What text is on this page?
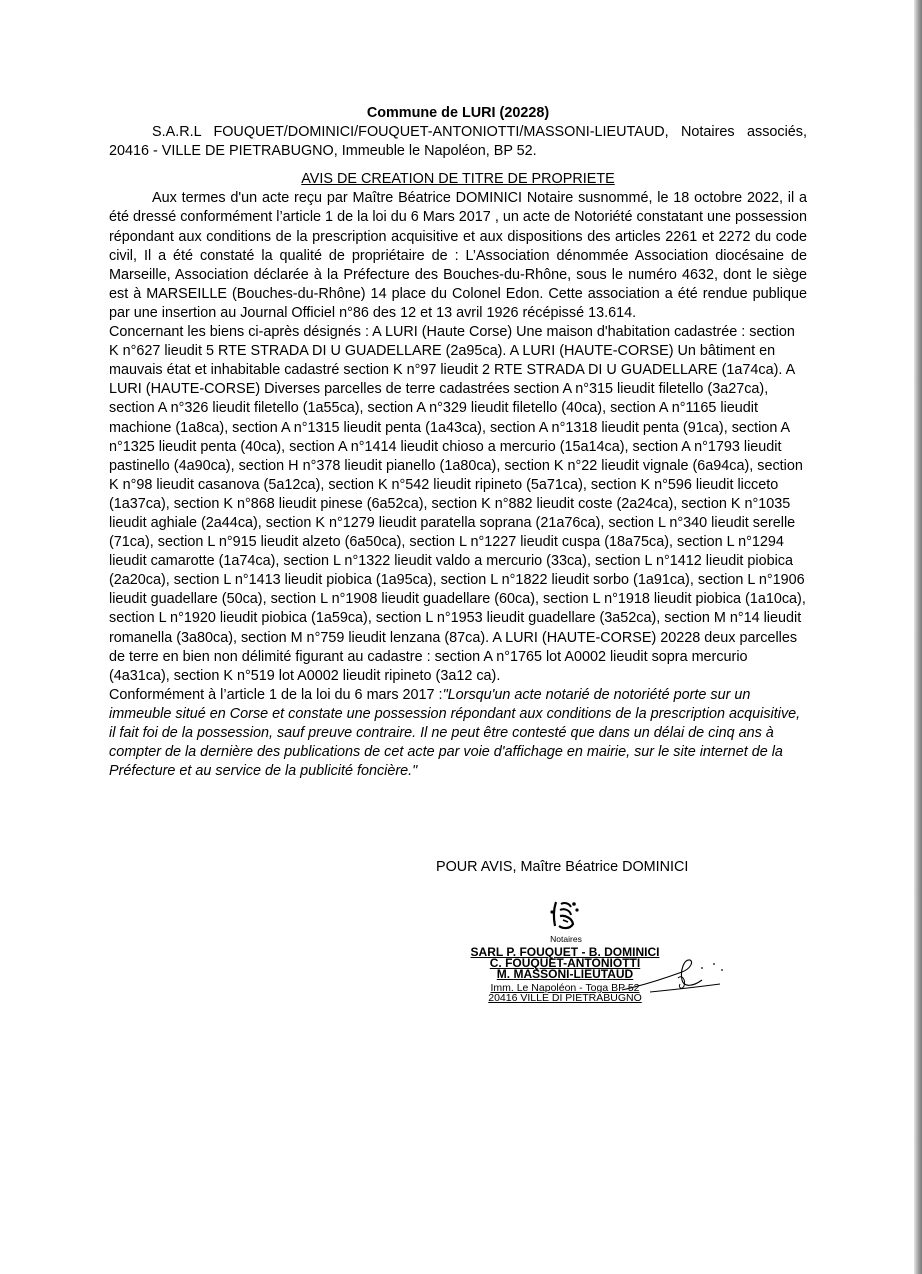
Commune de LURI (20228)
S.A.R.L FOUQUET/DOMINICI/FOUQUET-ANTONIOTTI/MASSONI-LIEUTAUD, Notaires associés, 20416 - VILLE DE PIETRABUGNO, Immeuble le Napoléon, BP 52.
AVIS DE CREATION DE TITRE DE PROPRIETE
Aux termes d'un acte reçu par Maître Béatrice DOMINICI Notaire susnommé, le 18 octobre 2022, il a été dressé conformément l’article 1 de la loi du 6 Mars 2017 , un acte de Notoriété constatant une possession répondant aux conditions de la prescription acquisitive et aux dispositions des articles 2261 et 2272 du code civil, Il a été constaté la qualité de propriétaire de : L’Association dénommée Association diocésaine de Marseille, Association déclarée à la Préfecture des Bouches-du-Rhône, sous le numéro 4632, dont le siège est à MARSEILLE (Bouches-du-Rhône) 14 place du Colonel Edon. Cette association a été rendue publique par une insertion au Journal Officiel n°86 des 12 et 13 avril 1926 récépissé 13.614.
Concernant les biens ci-après désignés : A LURI (Haute Corse) Une maison d'habitation cadastrée : section K n°627 lieudit 5 RTE STRADA DI U GUADELLARE (2a95ca). A LURI (HAUTE-CORSE) Un bâtiment en mauvais état et inhabitable cadastré section K n°97 lieudit 2 RTE STRADA DI U GUADELLARE (1a74ca). A LURI (HAUTE-CORSE) Diverses parcelles de terre cadastrées section A n°315 lieudit filetello (3a27ca), section A n°326 lieudit filetello (1a55ca), section A n°329 lieudit filetello (40ca), section A n°1165 lieudit machione (1a8ca), section A n°1315 lieudit penta (1a43ca), section A n°1318 lieudit penta (91ca), section A n°1325 lieudit penta (40ca), section A n°1414 lieudit chioso a mercurio (15a14ca), section A n°1793 lieudit pastinello (4a90ca), section H n°378 lieudit pianello (1a80ca), section K n°22 lieudit vignale (6a94ca), section K n°98 lieudit casanova (5a12ca), section K n°542 lieudit ripineto (5a71ca), section K n°596 lieudit licceto (1a37ca), section K n°868 lieudit pinese (6a52ca), section K n°882 lieudit coste (2a24ca), section K n°1035 lieudit aghiale (2a44ca), section K n°1279 lieudit paratella soprana (21a76ca), section L n°340 lieudit serelle (71ca), section L n°915 lieudit alzeto (6a50ca), section L n°1227 lieudit cuspa (18a75ca), section L n°1294 lieudit camarotte (1a74ca), section L n°1322 lieudit valdo a mercurio (33ca), section L n°1412 lieudit piobica (2a20ca), section L n°1413 lieudit piobica (1a95ca), section L n°1822 lieudit sorbo (1a91ca), section L n°1906 lieudit guadellare (50ca), section L n°1908 lieudit guadellare (60ca), section L n°1918 lieudit piobica (1a10ca), section L n°1920 lieudit piobica (1a59ca), section L n°1953 lieudit guadellare (3a52ca), section M n°14 lieudit romanella (3a80ca), section M n°759 lieudit lenzana (87ca). A LURI (HAUTE-CORSE) 20228 deux parcelles de terre en bien non délimité figurant au cadastre : section A n°1765 lot A0002 lieudit sopra mercurio (4a31ca), section K n°519 lot A0002 lieudit ripineto (3a12 ca).
Conformément à l’article 1 de la loi du 6 mars 2017 :"Lorsqu'un acte notarié de notoriété porte sur un immeuble situé en Corse et constate une possession répondant aux conditions de la prescription acquisitive, il fait foi de la possession, sauf preuve contraire. Il ne peut être contesté que dans un délai de cinq ans à compter de la dernière des publications de cet acte par voie d'affichage en mairie, sur le site internet de la Préfecture et au service de la publicité foncière."
POUR AVIS, Maître Béatrice DOMINICI
Notaires
SARL P. FOUQUET - B. DOMINICI
C. FOUQUET-ANTONIOTTI
M. MASSONI-LIEUTAUD
Imm. Le Napoléon - Toga BP 52
20416 VILLE DI PIETRABUGNO
